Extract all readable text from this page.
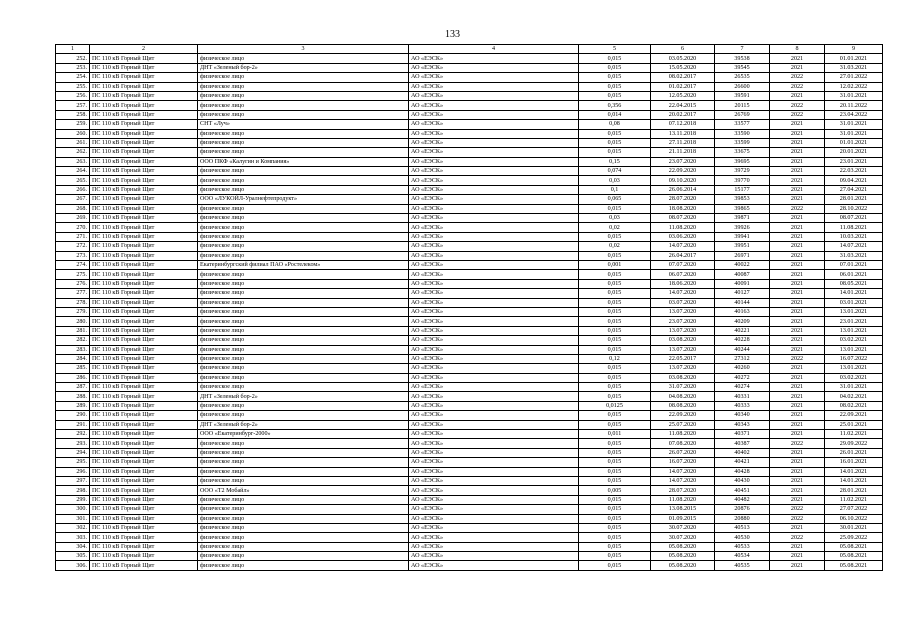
133
1	2	3	4	5	6	7	8	9
252.	ПС 110 кВ Горный Щит	физическое лицо	АО «ЕЭСК»	0,015	03.05.2020	39538	2021	01.01.2021
253.	ПС 110 кВ Горный Щит	ДНТ «Зеленый бор-2»	АО «ЕЭСК»	0,015	15.05.2020	39545	2021	31.03.2021
254.	ПС 110 кВ Горный Щит	физическое лицо	АО «ЕЭСК»	0,015	08.02.2017	26535	2022	27.01.2022
255.	ПС 110 кВ Горный Щит	физическое лицо	АО «ЕЭСК»	0,015	01.02.2017	26600	2022	12.02.2022
256.	ПС 110 кВ Горный Щит	физическое лицо	АО «ЕЭСК»	0,015	12.05.2020	39591	2021	31.01.2021
257.	ПС 110 кВ Горный Щит	физическое лицо	АО «ЕЭСК»	0,356	22.04.2015	20115	2022	20.11.2022
258.	ПС 110 кВ Горный Щит	физическое лицо	АО «ЕЭСК»	0,014	20.02.2017	26769	2022	23.04.2022
259.	ПС 110 кВ Горный Щит	СНТ «Луч»	АО «ЕЭСК»	0,08	07.12.2018	33577	2021	31.01.2021
260.	ПС 110 кВ Горный Щит	физическое лицо	АО «ЕЭСК»	0,015	13.11.2018	33590	2021	31.01.2021
261.	ПС 110 кВ Горный Щит	физическое лицо	АО «ЕЭСК»	0,015	27.11.2018	33599	2021	01.01.2021
262.	ПС 110 кВ Горный Щит	физическое лицо	АО «ЕЭСК»	0,015	21.11.2018	33675	2021	20.01.2021
263.	ПС 110 кВ Горный Щит	ООО ПКФ «Калугин и Компания»	АО «ЕЭСК»	0,15	23.07.2020	39695	2021	23.01.2021
264.	ПС 110 кВ Горный Щит	физическое лицо	АО «ЕЭСК»	0,074	22.09.2020	39729	2021	22.03.2021
265.	ПС 110 кВ Горный Щит	физическое лицо	АО «ЕЭСК»	0,03	09.10.2020	39770	2021	09.04.2021
266.	ПС 110 кВ Горный Щит	физическое лицо	АО «ЕЭСК»	0,1	26.06.2014	15177	2021	27.04.2021
267.	ПС 110 кВ Горный Щит	ООО «ЛУКОЙЛ-Уралнефтепродукт»	АО «ЕЭСК»	0,065	28.07.2020	39853	2021	28.01.2021
268.	ПС 110 кВ Горный Щит	физическое лицо	АО «ЕЭСК»	0,015	18.08.2020	39865	2022	28.10.2022
269.	ПС 110 кВ Горный Щит	физическое лицо	АО «ЕЭСК»	0,03	08.07.2020	39871	2021	08.07.2021
270.	ПС 110 кВ Горный Щит	физическое лицо	АО «ЕЭСК»	0,02	11.08.2020	39926	2021	11.08.2021
271.	ПС 110 кВ Горный Щит	физическое лицо	АО «ЕЭСК»	0,015	03.06.2020	39941	2021	10.03.2021
272.	ПС 110 кВ Горный Щит	физическое лицо	АО «ЕЭСК»	0,02	14.07.2020	39951	2021	14.07.2021
273.	ПС 110 кВ Горный Щит	физическое лицо	АО «ЕЭСК»	0,015	26.04.2017	26971	2021	31.03.2021
274.	ПС 110 кВ Горный Щит	Екатеринбургский филиал ПАО «Ростелеком»	АО «ЕЭСК»	0,001	07.07.2020	40022	2021	07.01.2021
275.	ПС 110 кВ Горный Щит	физическое лицо	АО «ЕЭСК»	0,015	06.07.2020	40087	2021	06.01.2021
276.	ПС 110 кВ Горный Щит	физическое лицо	АО «ЕЭСК»	0,015	18.06.2020	40091	2021	08.05.2021
277.	ПС 110 кВ Горный Щит	физическое лицо	АО «ЕЭСК»	0,015	14.07.2020	40127	2021	14.01.2021
278.	ПС 110 кВ Горный Щит	физическое лицо	АО «ЕЭСК»	0,015	03.07.2020	40144	2021	03.01.2021
279.	ПС 110 кВ Горный Щит	физическое лицо	АО «ЕЭСК»	0,015	13.07.2020	40163	2021	13.01.2021
280.	ПС 110 кВ Горный Щит	физическое лицо	АО «ЕЭСК»	0,015	23.07.2020	40209	2021	23.01.2021
281.	ПС 110 кВ Горный Щит	физическое лицо	АО «ЕЭСК»	0,015	13.07.2020	40221	2021	13.01.2021
282.	ПС 110 кВ Горный Щит	физическое лицо	АО «ЕЭСК»	0,015	03.08.2020	40228	2021	03.02.2021
283.	ПС 110 кВ Горный Щит	физическое лицо	АО «ЕЭСК»	0,015	13.07.2020	40244	2021	13.01.2021
284.	ПС 110 кВ Горный Щит	физическое лицо	АО «ЕЭСК»	0,12	22.05.2017	27312	2022	16.07.2022
285.	ПС 110 кВ Горный Щит	физическое лицо	АО «ЕЭСК»	0,015	13.07.2020	40260	2021	13.01.2021
286.	ПС 110 кВ Горный Щит	физическое лицо	АО «ЕЭСК»	0,015	03.08.2020	40272	2021	03.02.2021
287.	ПС 110 кВ Горный Щит	физическое лицо	АО «ЕЭСК»	0,015	31.07.2020	40274	2021	31.01.2021
288.	ПС 110 кВ Горный Щит	ДНТ «Зеленый бор-2»	АО «ЕЭСК»	0,015	04.08.2020	40331	2021	04.02.2021
289.	ПС 110 кВ Горный Щит	физическое лицо	АО «ЕЭСК»	0,0125	08.08.2020	40333	2021	08.02.2021
290.	ПС 110 кВ Горный Щит	физическое лицо	АО «ЕЭСК»	0,015	22.09.2020	40340	2021	22.09.2021
291.	ПС 110 кВ Горный Щит	ДНТ «Зеленый бор-2»	АО «ЕЭСК»	0,015	25.07.2020	40343	2021	25.01.2021
292.	ПС 110 кВ Горный Щит	ООО «Екатеринбург-2000»	АО «ЕЭСК»	0,011	11.08.2020	40371	2021	11.02.2021
293.	ПС 110 кВ Горный Щит	физическое лицо	АО «ЕЭСК»	0,015	07.08.2020	40387	2022	29.09.2022
294.	ПС 110 кВ Горный Щит	физическое лицо	АО «ЕЭСК»	0,015	26.07.2020	40402	2021	26.01.2021
295.	ПС 110 кВ Горный Щит	физическое лицо	АО «ЕЭСК»	0,015	16.07.2020	40421	2021	16.01.2021
296.	ПС 110 кВ Горный Щит	физическое лицо	АО «ЕЭСК»	0,015	14.07.2020	40428	2021	14.01.2021
297.	ПС 110 кВ Горный Щит	физическое лицо	АО «ЕЭСК»	0,015	14.07.2020	40430	2021	14.01.2021
298.	ПС 110 кВ Горный Щит	ООО «Т2 Мобайл»	АО «ЕЭСК»	0,005	28.07.2020	40451	2021	28.01.2021
299.	ПС 110 кВ Горный Щит	физическое лицо	АО «ЕЭСК»	0,015	11.08.2020	40482	2021	11.02.2021
300.	ПС 110 кВ Горный Щит	физическое лицо	АО «ЕЭСК»	0,015	13.08.2015	20876	2022	27.07.2022
301.	ПС 110 кВ Горный Щит	физическое лицо	АО «ЕЭСК»	0,015	01.09.2015	20880	2022	06.10.2022
302.	ПС 110 кВ Горный Щит	физическое лицо	АО «ЕЭСК»	0,015	30.07.2020	40513	2021	30.01.2021
303.	ПС 110 кВ Горный Щит	физическое лицо	АО «ЕЭСК»	0,015	30.07.2020	40530	2022	25.09.2022
304.	ПС 110 кВ Горный Щит	физическое лицо	АО «ЕЭСК»	0,015	05.08.2020	40533	2021	05.08.2021
305.	ПС 110 кВ Горный Щит	физическое лицо	АО «ЕЭСК»	0,015	05.08.2020	40534	2021	05.08.2021
306.	ПС 110 кВ Горный Щит	физическое лицо	АО «ЕЭСК»	0,015	05.08.2020	40535	2021	05.08.2021
